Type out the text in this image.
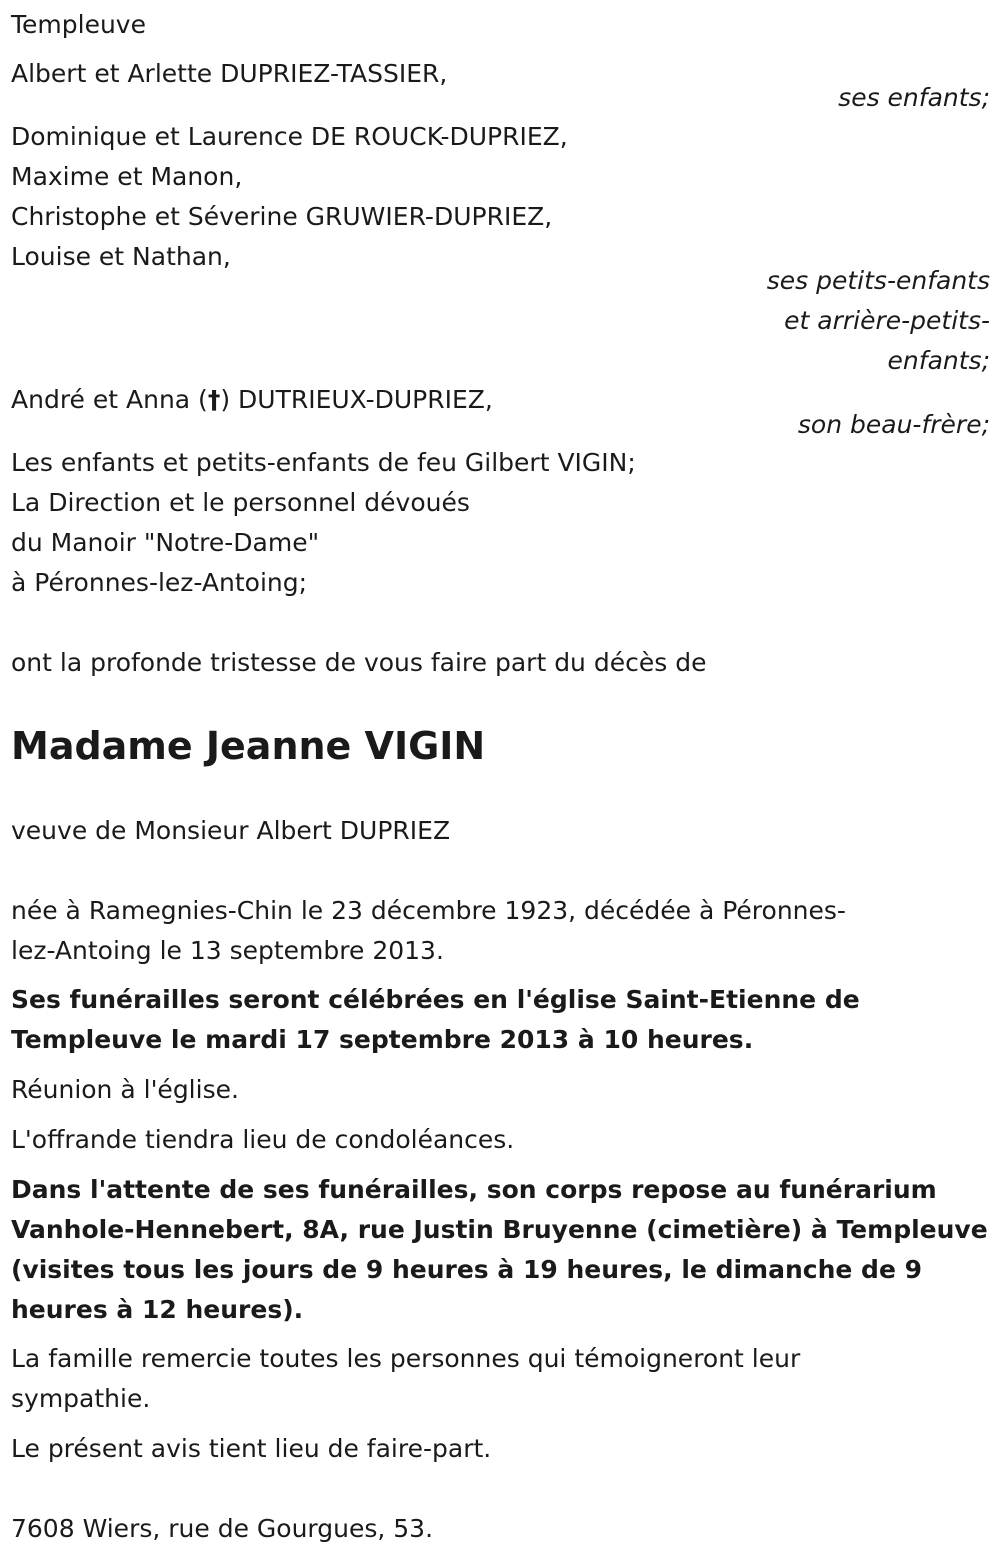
Templeuve
Albert et Arlette DUPRIEZ-TASSIER,
ses enfants;
Dominique et Laurence DE ROUCK-DUPRIEZ,
Maxime et Manon,
Christophe et Séverine GRUWIER-DUPRIEZ,
Louise et Nathan,
ses petits-enfants
et arrière-petits-
enfants;
André et Anna (†) DUTRIEUX-DUPRIEZ,
son beau-frère;
Les enfants et petits-enfants de feu Gilbert VIGIN;
La Direction et le personnel dévoués
du Manoir "Notre-Dame"
à Péronnes-lez-Antoing;
ont la profonde tristesse de vous faire part du décès de
Madame Jeanne VIGIN
veuve de Monsieur Albert DUPRIEZ
née à Ramegnies-Chin le 23 décembre 1923, décédée à Péronnes-
lez-Antoing le 13 septembre 2013.
Ses funérailles seront célébrées en l'église Saint-Etienne de
Templeuve le mardi 17 septembre 2013 à 10 heures.
Réunion à l'église.
L'offrande tiendra lieu de condoléances.
Dans l'attente de ses funérailles, son corps repose au funérarium
Vanhole-Hennebert, 8A, rue Justin Bruyenne (cimetière) à Templeuve
(visites tous les jours de 9 heures à 19 heures, le dimanche de 9
heures à 12 heures).
La famille remercie toutes les personnes qui témoigneront leur
sympathie.
Le présent avis tient lieu de faire-part.
7608 Wiers, rue de Gourgues, 53.
